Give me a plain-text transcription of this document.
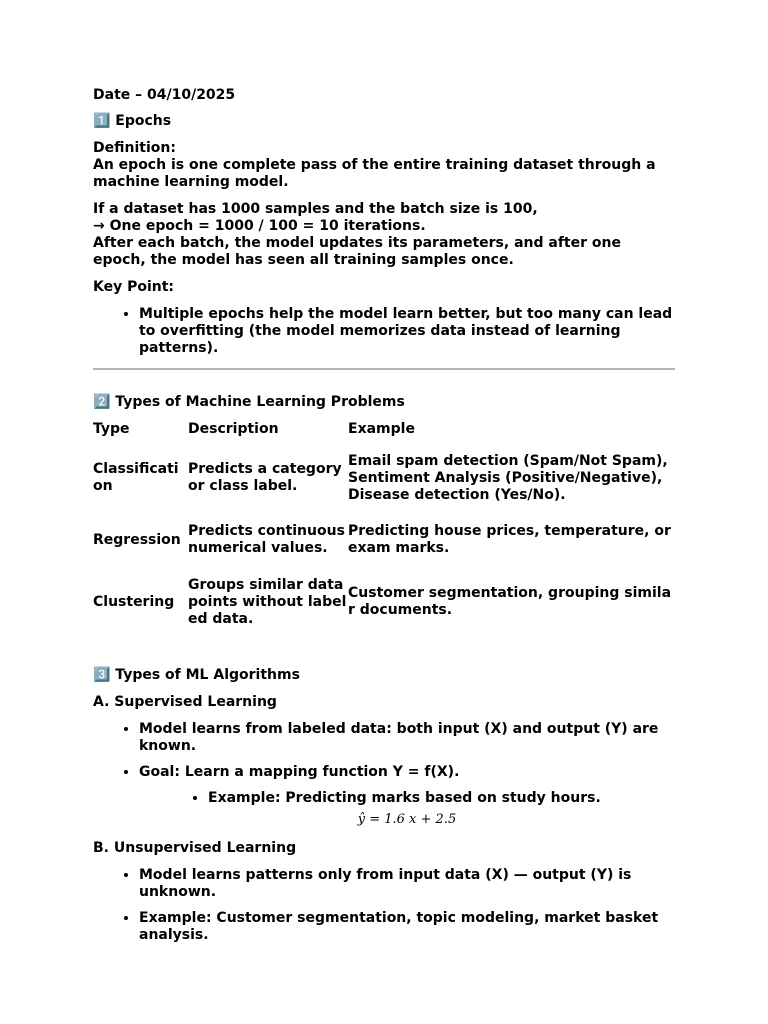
Date – 04/10/2025

1️⃣ Epochs

Definition:

An epoch is one complete pass of the entire training dataset through a machine learning model.

If a dataset has 1000 samples and the batch size is 100,

→ One epoch = 1000 / 100 = 10 iterations.

After each batch, the model updates its parameters, and after one epoch, the model has seen all training samples once.

Key Point:

• Multiple epochs help the model learn better, but too many can lead to overfitting (the model memorizes data instead of learning patterns).

2️⃣ Types of Machine Learning Problems

Type	Description	Example
Classification	Predicts a category or class label.	Email spam detection (Spam/Not Spam), Sentiment Analysis (Positive/Negative), Disease detection (Yes/No).
Regression	Predicts continuous numerical values.	Predicting house prices, temperature, or exam marks.
Clustering	Groups similar data points without labeled data.	Customer segmentation, grouping similar documents.

3️⃣ Types of ML Algorithms

A. Supervised Learning

• Model learns from labeled data: both input (X) and output (Y) are known.
• Goal: Learn a mapping function Y = f(X).
• Example: Predicting marks based on study hours.

ŷ = 1.6 x + 2.5

B. Unsupervised Learning

• Model learns patterns only from input data (X) — output (Y) is unknown.
• Example: Customer segmentation, topic modeling, market basket analysis.
